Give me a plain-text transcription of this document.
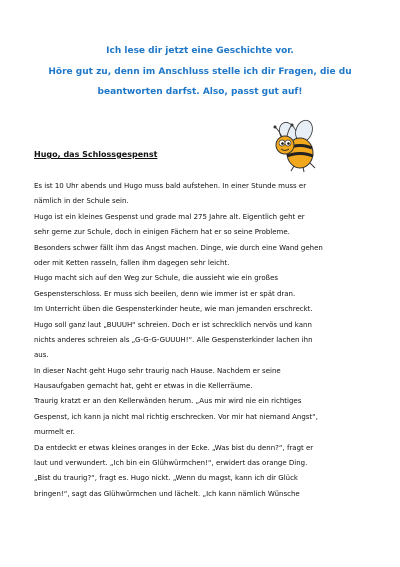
Ich lese dir jetzt eine Geschichte vor.
Höre gut zu, denn im Anschluss stelle ich dir Fragen, die du
beantworten darfst. Also, passt gut auf!
Hugo, das Schlossgespenst
Es ist 10 Uhr abends und Hugo muss bald aufstehen. In einer Stunde muss er
nämlich in der Schule sein.
Hugo ist ein kleines Gespenst und grade mal 275 Jahre alt. Eigentlich geht er
sehr gerne zur Schule, doch in einigen Fächern hat er so seine Probleme.
Besonders schwer fällt ihm das Angst machen. Dinge, wie durch eine Wand gehen
oder mit Ketten rasseln, fallen ihm dagegen sehr leicht.
Hugo macht sich auf den Weg zur Schule, die aussieht wie ein großes
Gespensterschloss. Er muss sich beeilen, denn wie immer ist er spät dran.
Im Unterricht üben die Gespensterkinder heute, wie man jemanden erschreckt.
Hugo soll ganz laut „BUUUH“ schreien. Doch er ist schrecklich nervös und kann
nichts anderes schreien als „G-G-G-GUUUH!“. Alle Gespensterkinder lachen ihn
aus.
In dieser Nacht geht Hugo sehr traurig nach Hause. Nachdem er seine
Hausaufgaben gemacht hat, geht er etwas in die Kellerräume.
Traurig kratzt er an den Kellerwänden herum. „Aus mir wird nie ein richtiges
Gespenst, ich kann ja nicht mal richtig erschrecken. Vor mir hat niemand Angst“,
murmelt er.
Da entdeckt er etwas kleines oranges in der Ecke. „Was bist du denn?“, fragt er
laut und verwundert. „Ich bin ein Glühwürmchen!“, erwidert das orange Ding.
„Bist du traurig?“, fragt es. Hugo nickt. „Wenn du magst, kann ich dir Glück
bringen!“, sagt das Glühwürmchen und lächelt. „Ich kann nämlich Wünsche
